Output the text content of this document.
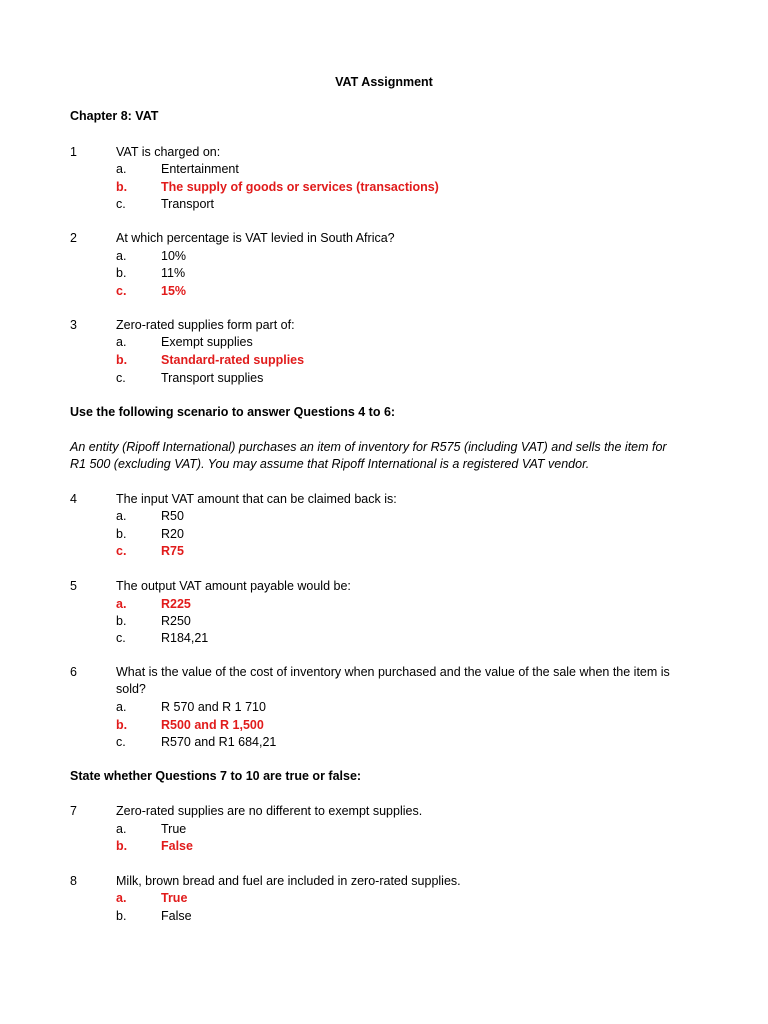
VAT Assignment
Chapter 8: VAT
1	VAT is charged on:
a.	Entertainment
b.	The supply of goods or services (transactions)
c.	Transport
2	At which percentage is VAT levied in South Africa?
a.	10%
b.	11%
c.	15%
3	Zero-rated supplies form part of:
a.	Exempt supplies
b.	Standard-rated supplies
c.	Transport supplies
Use the following scenario to answer Questions 4 to 6:
An entity (Ripoff International) purchases an item of inventory for R575 (including VAT) and sells the item for
R1 500 (excluding VAT). You may assume that Ripoff International is a registered VAT vendor.
4	The input VAT amount that can be claimed back is:
a.	R50
b.	R20
c.	R75
5	The output VAT amount payable would be:
a.	R225
b.	R250
c.	R184,21
6	What is the value of the cost of inventory when purchased and the value of the sale when the item is
sold?
a.	R 570 and R 1 710
b.	R500 and R 1,500
c.	R570 and R1 684,21
State whether Questions 7 to 10 are true or false:
7	Zero-rated supplies are no different to exempt supplies.
a.	True
b.	False
8	Milk, brown bread and fuel are included in zero-rated supplies.
a.	True
b.	False
